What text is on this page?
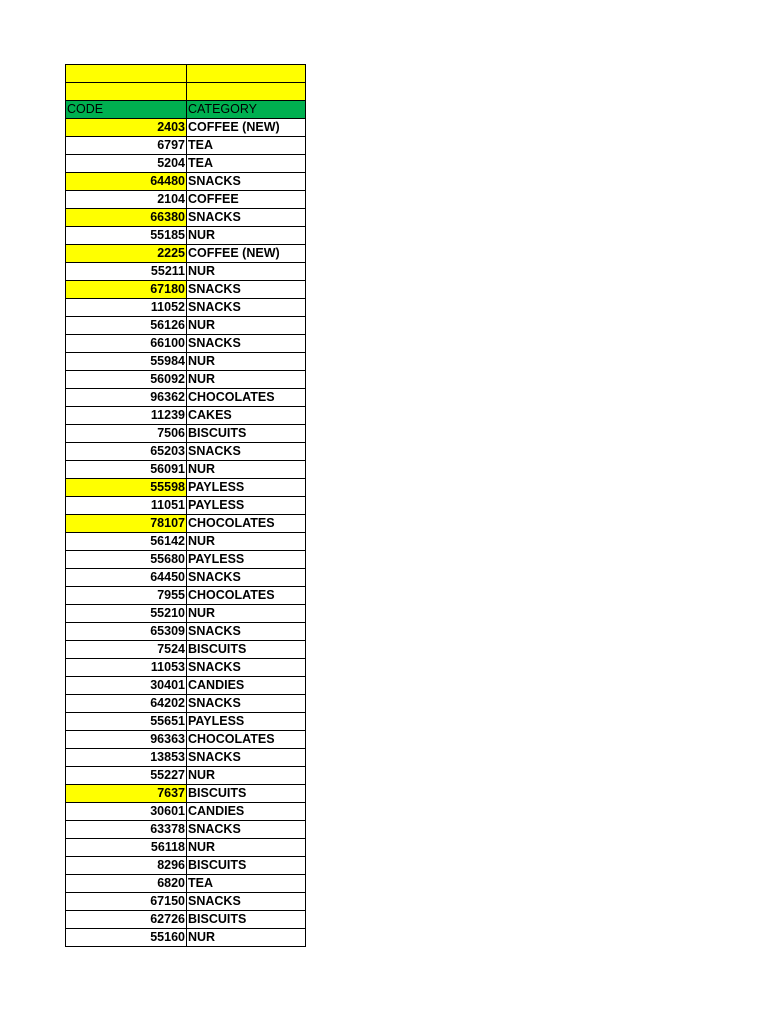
CODE	CATEGORY
2403	COFFEE (NEW)
6797	TEA
5204	TEA
64480	SNACKS
2104	COFFEE
66380	SNACKS
55185	NUR
2225	COFFEE (NEW)
55211	NUR
67180	SNACKS
11052	SNACKS
56126	NUR
66100	SNACKS
55984	NUR
56092	NUR
96362	CHOCOLATES
11239	CAKES
7506	BISCUITS
65203	SNACKS
56091	NUR
55598	PAYLESS
11051	PAYLESS
78107	CHOCOLATES
56142	NUR
55680	PAYLESS
64450	SNACKS
7955	CHOCOLATES
55210	NUR
65309	SNACKS
7524	BISCUITS
11053	SNACKS
30401	CANDIES
64202	SNACKS
55651	PAYLESS
96363	CHOCOLATES
13853	SNACKS
55227	NUR
7637	BISCUITS
30601	CANDIES
63378	SNACKS
56118	NUR
8296	BISCUITS
6820	TEA
67150	SNACKS
62726	BISCUITS
55160	NUR
